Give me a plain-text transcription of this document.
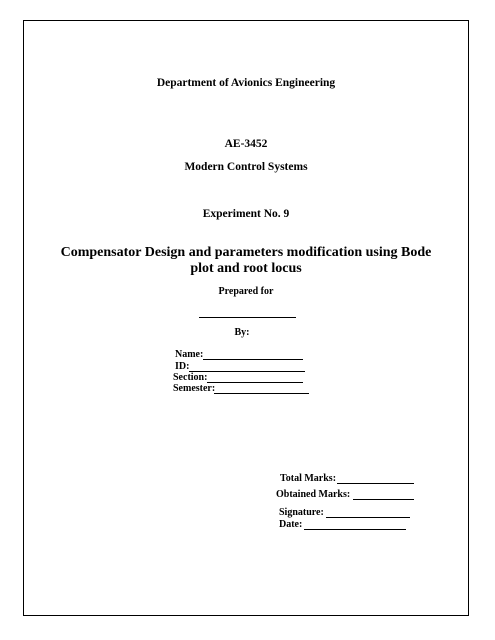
Department of Avionics Engineering
AE-3452
Modern Control Systems
Experiment No. 9
Compensator Design and parameters modification using Bode
plot and root locus
Prepared for
By:
Name:
ID:
Section:
Semester:
Total Marks:
Obtained Marks:
Signature:
Date:
